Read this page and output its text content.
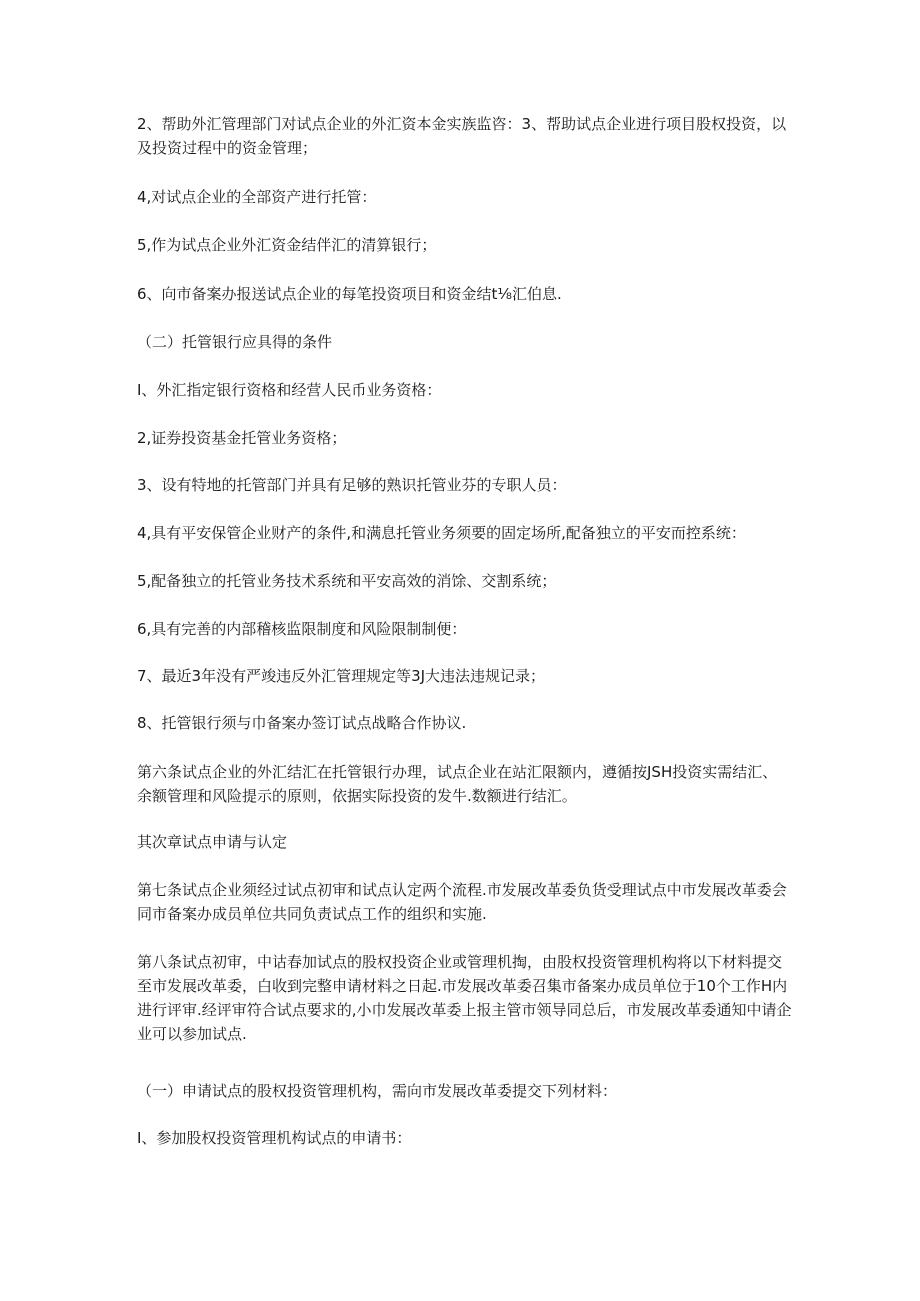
2、帮助外汇管理部门对试点企业的外汇资本金实族监咨：3、帮助试点企业进行项目股权投资，以及投资过程中的资金管理；

4,对试点企业的全部资产进行托管：

5,作为试点企业外汇资金结伴汇的清算银行；

6、向市备案办报送试点企业的每笔投资项目和资金结t⅛汇伯息.

（二）托管银行应具得的条件

I、外汇指定银行资格和经营人民币业务资格：

2,证券投资基金托管业务资格；

3、设有特地的托管部门并具有足够的熟识托管业芬的专职人员：

4,具有平安保管企业财产的条件,和满息托管业务须要的固定场所,配备独立的平安而控系统：

5,配备独立的托管业务技术系统和平安高效的消馀、交割系统；

6,具有完善的内部稽核监限制度和风险限制制便：

7、最近3年没有严竣违反外汇管理规定等3J大违法违规记录；

8、托管银行须与巾备案办签订试点战略合作协议.

第六条试点企业的外汇结汇在托管银行办理，试点企业在站汇限额内，遵循按JSH投资实需结汇、余额管理和风险提示的原则，依据实际投资的发牛.数额进行结汇。

其次章试点申请与认定

第七条试点企业须经过试点初审和试点认定两个流程.市发展改革委负货受理试点中市发展改革委会同市备案办成员单位共同负责试点工作的组织和实施.

第八条试点初审，中诂春加试点的股权投资企业或管理机掏，由股权投资管理机构将以下材料提交至市发展改革委，白收到完整申请材料之日起.市发展改革委召集市备案办成员单位于10个工作H内进行评审.经评审符合试点要求的,小巾发展改革委上报主管市领导同总后，市发展改革委通知中请企业可以参加试点.

（一）申请试点的股权投资管理机构，需向市发展改革委提交下列材料：

I、参加股权投资管理机构试点的申请书：
